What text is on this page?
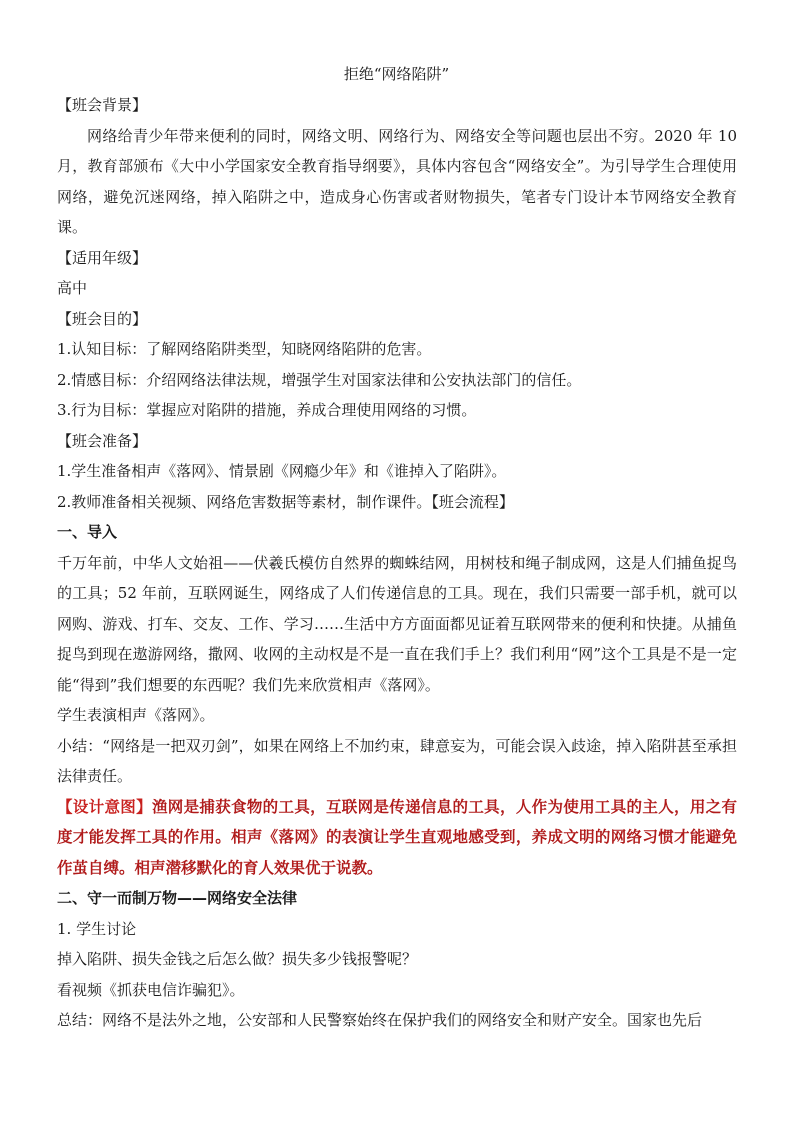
拒绝“网络陷阱”

【班会背景】

网络给青少年带来便利的同时，网络文明、网络行为、网络安全等问题也层出不穷。2020 年 10 月，教育部颁布《大中小学国家安全教育指导纲要》，具体内容包含“网络安全”。为引导学生合理使用网络，避免沉迷网络，掉入陷阱之中，造成身心伤害或者财物损失，笔者专门设计本节网络安全教育课。

【适用年级】

高中

【班会目的】

1.认知目标：了解网络陷阱类型，知晓网络陷阱的危害。

2.情感目标：介绍网络法律法规，增强学生对国家法律和公安执法部门的信任。

3.行为目标：掌握应对陷阱的措施，养成合理使用网络的习惯。

【班会准备】

1.学生准备相声《落网》、情景剧《网瘾少年》和《谁掉入了陷阱》。

2.教师准备相关视频、网络危害数据等素材，制作课件。【班会流程】

一、导入

千万年前，中华人文始祖——伏羲氏模仿自然界的蜘蛛结网，用树枝和绳子制成网，这是人们捕鱼捉鸟的工具；52 年前，互联网诞生，网络成了人们传递信息的工具。现在，我们只需要一部手机，就可以网购、游戏、打车、交友、工作、学习……生活中方方面面都见证着互联网带来的便利和快捷。从捕鱼捉鸟到现在遨游网络，撒网、收网的主动权是不是一直在我们手上？我们利用“网”这个工具是不是一定能“得到”我们想要的东西呢？我们先来欣赏相声《落网》。

学生表演相声《落网》。

小结：“网络是一把双刃剑”，如果在网络上不加约束，肆意妄为，可能会误入歧途，掉入陷阱甚至承担法律责任。

【设计意图】渔网是捕获食物的工具，互联网是传递信息的工具，人作为使用工具的主人，用之有度才能发挥工具的作用。相声《落网》的表演让学生直观地感受到，养成文明的网络习惯才能避免作茧自缚。相声潜移默化的育人效果优于说教。

二、守一而制万物——网络安全法律

1. 学生讨论

掉入陷阱、损失金钱之后怎么做？损失多少钱报警呢？

看视频《抓获电信诈骗犯》。

总结：网络不是法外之地，公安部和人民警察始终在保护我们的网络安全和财产安全。国家也先后
